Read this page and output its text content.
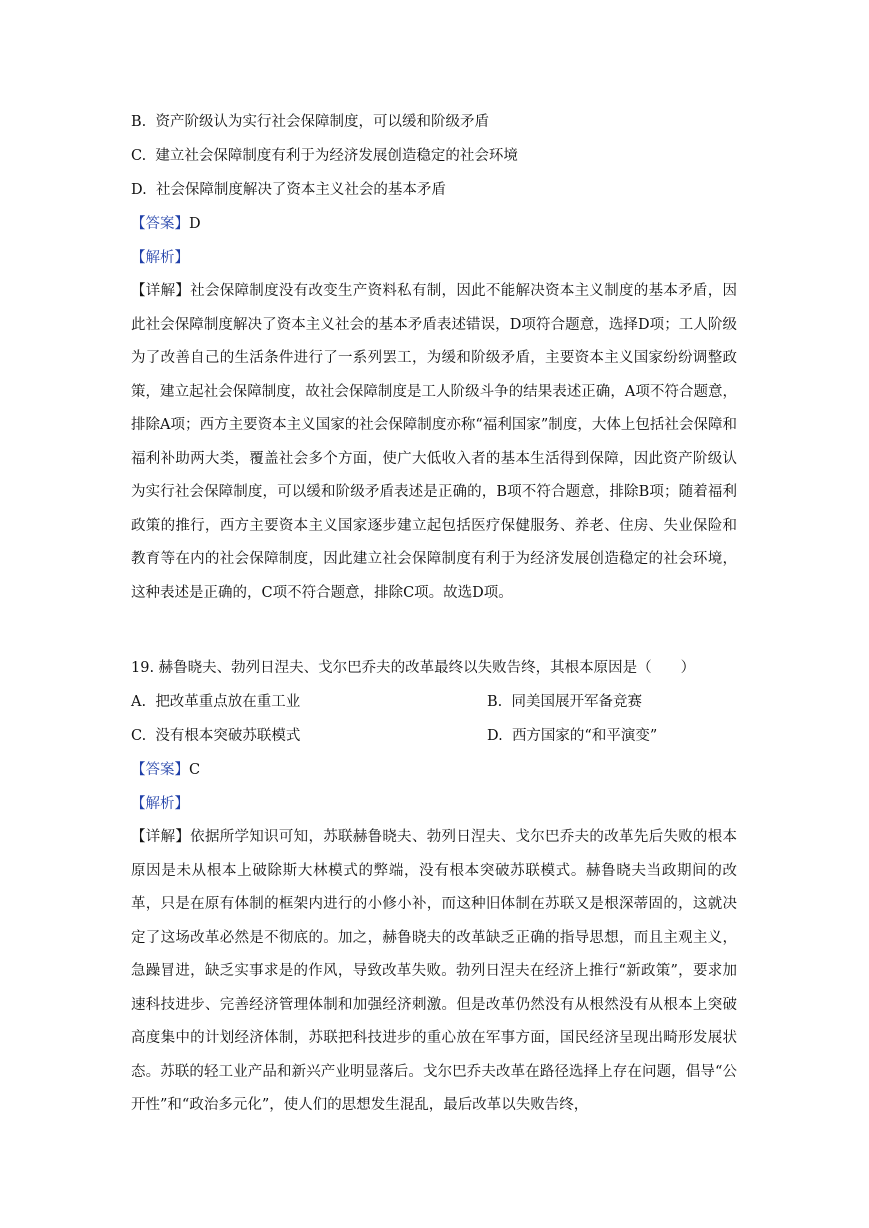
B. 资产阶级认为实行社会保障制度，可以缓和阶级矛盾
C. 建立社会保障制度有利于为经济发展创造稳定的社会环境
D. 社会保障制度解决了资本主义社会的基本矛盾
【答案】D
【解析】
【详解】社会保障制度没有改变生产资料私有制，因此不能解决资本主义制度的基本矛盾，因此社会保障制度解决了资本主义社会的基本矛盾表述错误，D项符合题意，选择D项；工人阶级为了改善自己的生活条件进行了一系列罢工，为缓和阶级矛盾，主要资本主义国家纷纷调整政策，建立起社会保障制度，故社会保障制度是工人阶级斗争的结果表述正确，A项不符合题意，排除A项；西方主要资本主义国家的社会保障制度亦称“福利国家”制度，大体上包括社会保障和福利补助两大类，覆盖社会多个方面，使广大低收入者的基本生活得到保障，因此资产阶级认为实行社会保障制度，可以缓和阶级矛盾表述是正确的，B项不符合题意，排除B项；随着福利政策的推行，西方主要资本主义国家逐步建立起包括医疗保健服务、养老、住房、失业保险和教育等在内的社会保障制度，因此建立社会保障制度有利于为经济发展创造稳定的社会环境，这种表述是正确的，C项不符合题意，排除C项。故选D项。
19. 赫鲁晓夫、勃列日涅夫、戈尔巴乔夫的改革最终以失败告终，其根本原因是（　　）
A. 把改革重点放在重工业	B. 同美国展开军备竞赛
C. 没有根本突破苏联模式	D. 西方国家的“和平演变”
【答案】C
【解析】
【详解】依据所学知识可知，苏联赫鲁晓夫、勃列日涅夫、戈尔巴乔夫的改革先后失败的根本原因是未从根本上破除斯大林模式的弊端，没有根本突破苏联模式。赫鲁晓夫当政期间的改革，只是在原有体制的框架内进行的小修小补，而这种旧体制在苏联又是根深蒂固的，这就决定了这场改革必然是不彻底的。加之，赫鲁晓夫的改革缺乏正确的指导思想，而且主观主义，急躁冒进，缺乏实事求是的作风，导致改革失败。勃列日涅夫在经济上推行“新政策”，要求加速科技进步、完善经济管理体制和加强经济刺激。但是改革仍然没有从根然没有从根本上突破高度集中的计划经济体制，苏联把科技进步的重心放在军事方面，国民经济呈现出畸形发展状态。苏联的轻工业产品和新兴产业明显落后。戈尔巴乔夫改革在路径选择上存在问题，倡导“公开性”和“政治多元化”，使人们的思想发生混乱，最后改革以失败告终，
